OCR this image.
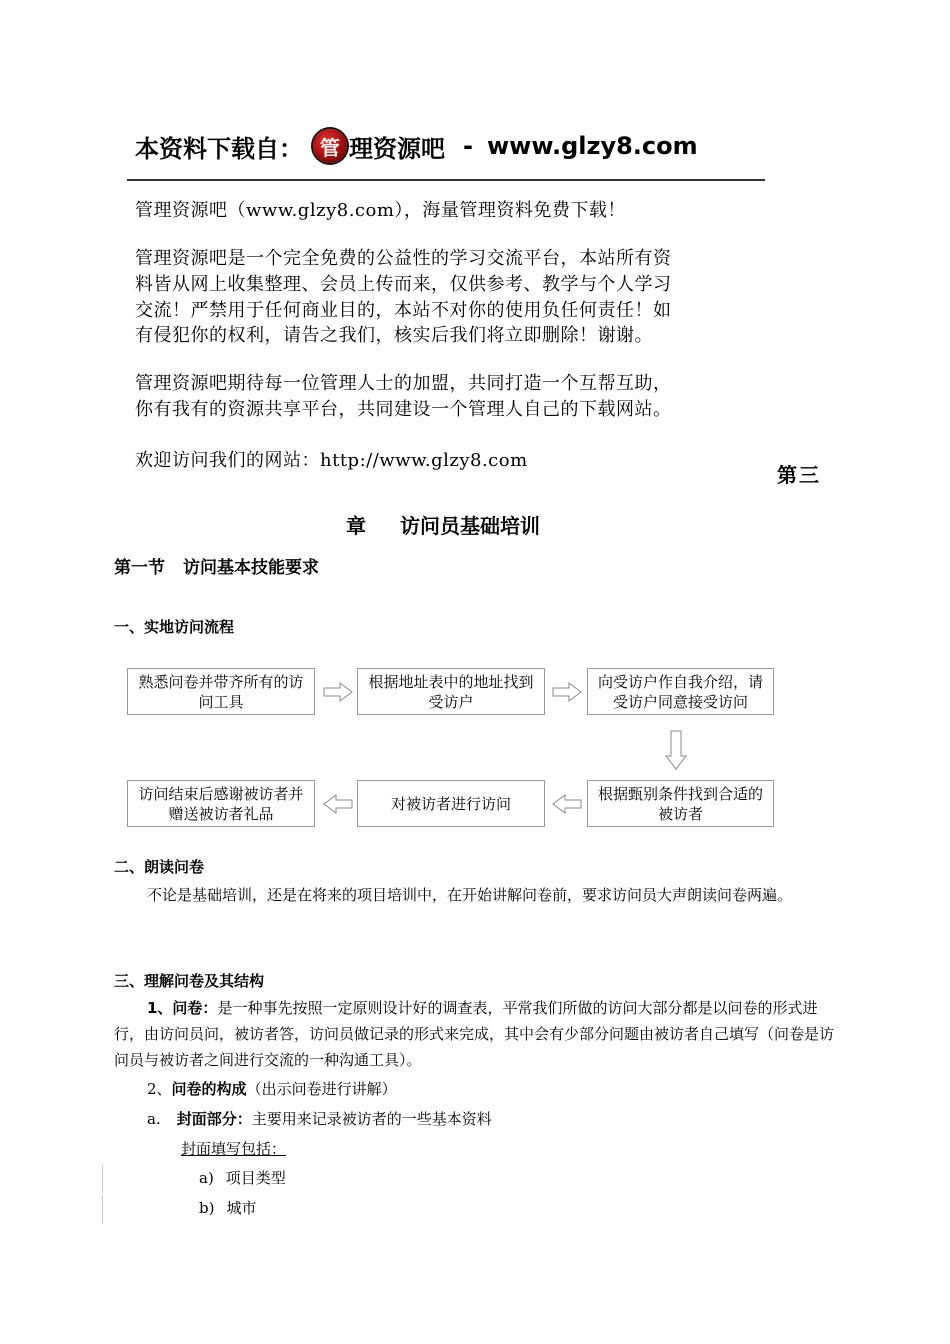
本资料下载自： 管 理资源吧 - www.glzy8.com
管理资源吧（www.glzy8.com），海量管理资料免费下载！
管理资源吧是一个完全免费的公益性的学习交流平台，本站所有资
料皆从网上收集整理、会员上传而来，仅供参考、教学与个人学习
交流！严禁用于任何商业目的，本站不对你的使用负任何责任！如
有侵犯你的权利，请告之我们，核实后我们将立即删除！谢谢。
管理资源吧期待每一位管理人士的加盟，共同打造一个互帮互助，
你有我有的资源共享平台，共同建设一个管理人自己的下载网站。
欢迎访问我们的网站：http://www.glzy8.com
第三
章 访问员基础培训
第一节 访问基本技能要求
一、实地访问流程
熟悉问卷并带齐所有的访问工具
根据地址表中的地址找到受访户
向受访户作自我介绍，请受访户同意接受访问
根据甄别条件找到合适的被访者
对被访者进行访问
访问结束后感谢被访者并赠送被访者礼品
二、朗读问卷
不论是基础培训，还是在将来的项目培训中，在开始讲解问卷前，要求访问员大声朗读问卷两遍。
三、理解问卷及其结构
1、问卷：是一种事先按照一定原则设计好的调查表，平常我们所做的访问大部分都是以问卷的形式进行，由访问员问，被访者答，访问员做记录的形式来完成，其中会有少部分问题由被访者自己填写（问卷是访问员与被访者之间进行交流的一种沟通工具）。
2、问卷的构成（出示问卷进行讲解）
a. 封面部分：主要用来记录被访者的一些基本资料
封面填写包括：
a) 项目类型
b) 城市
